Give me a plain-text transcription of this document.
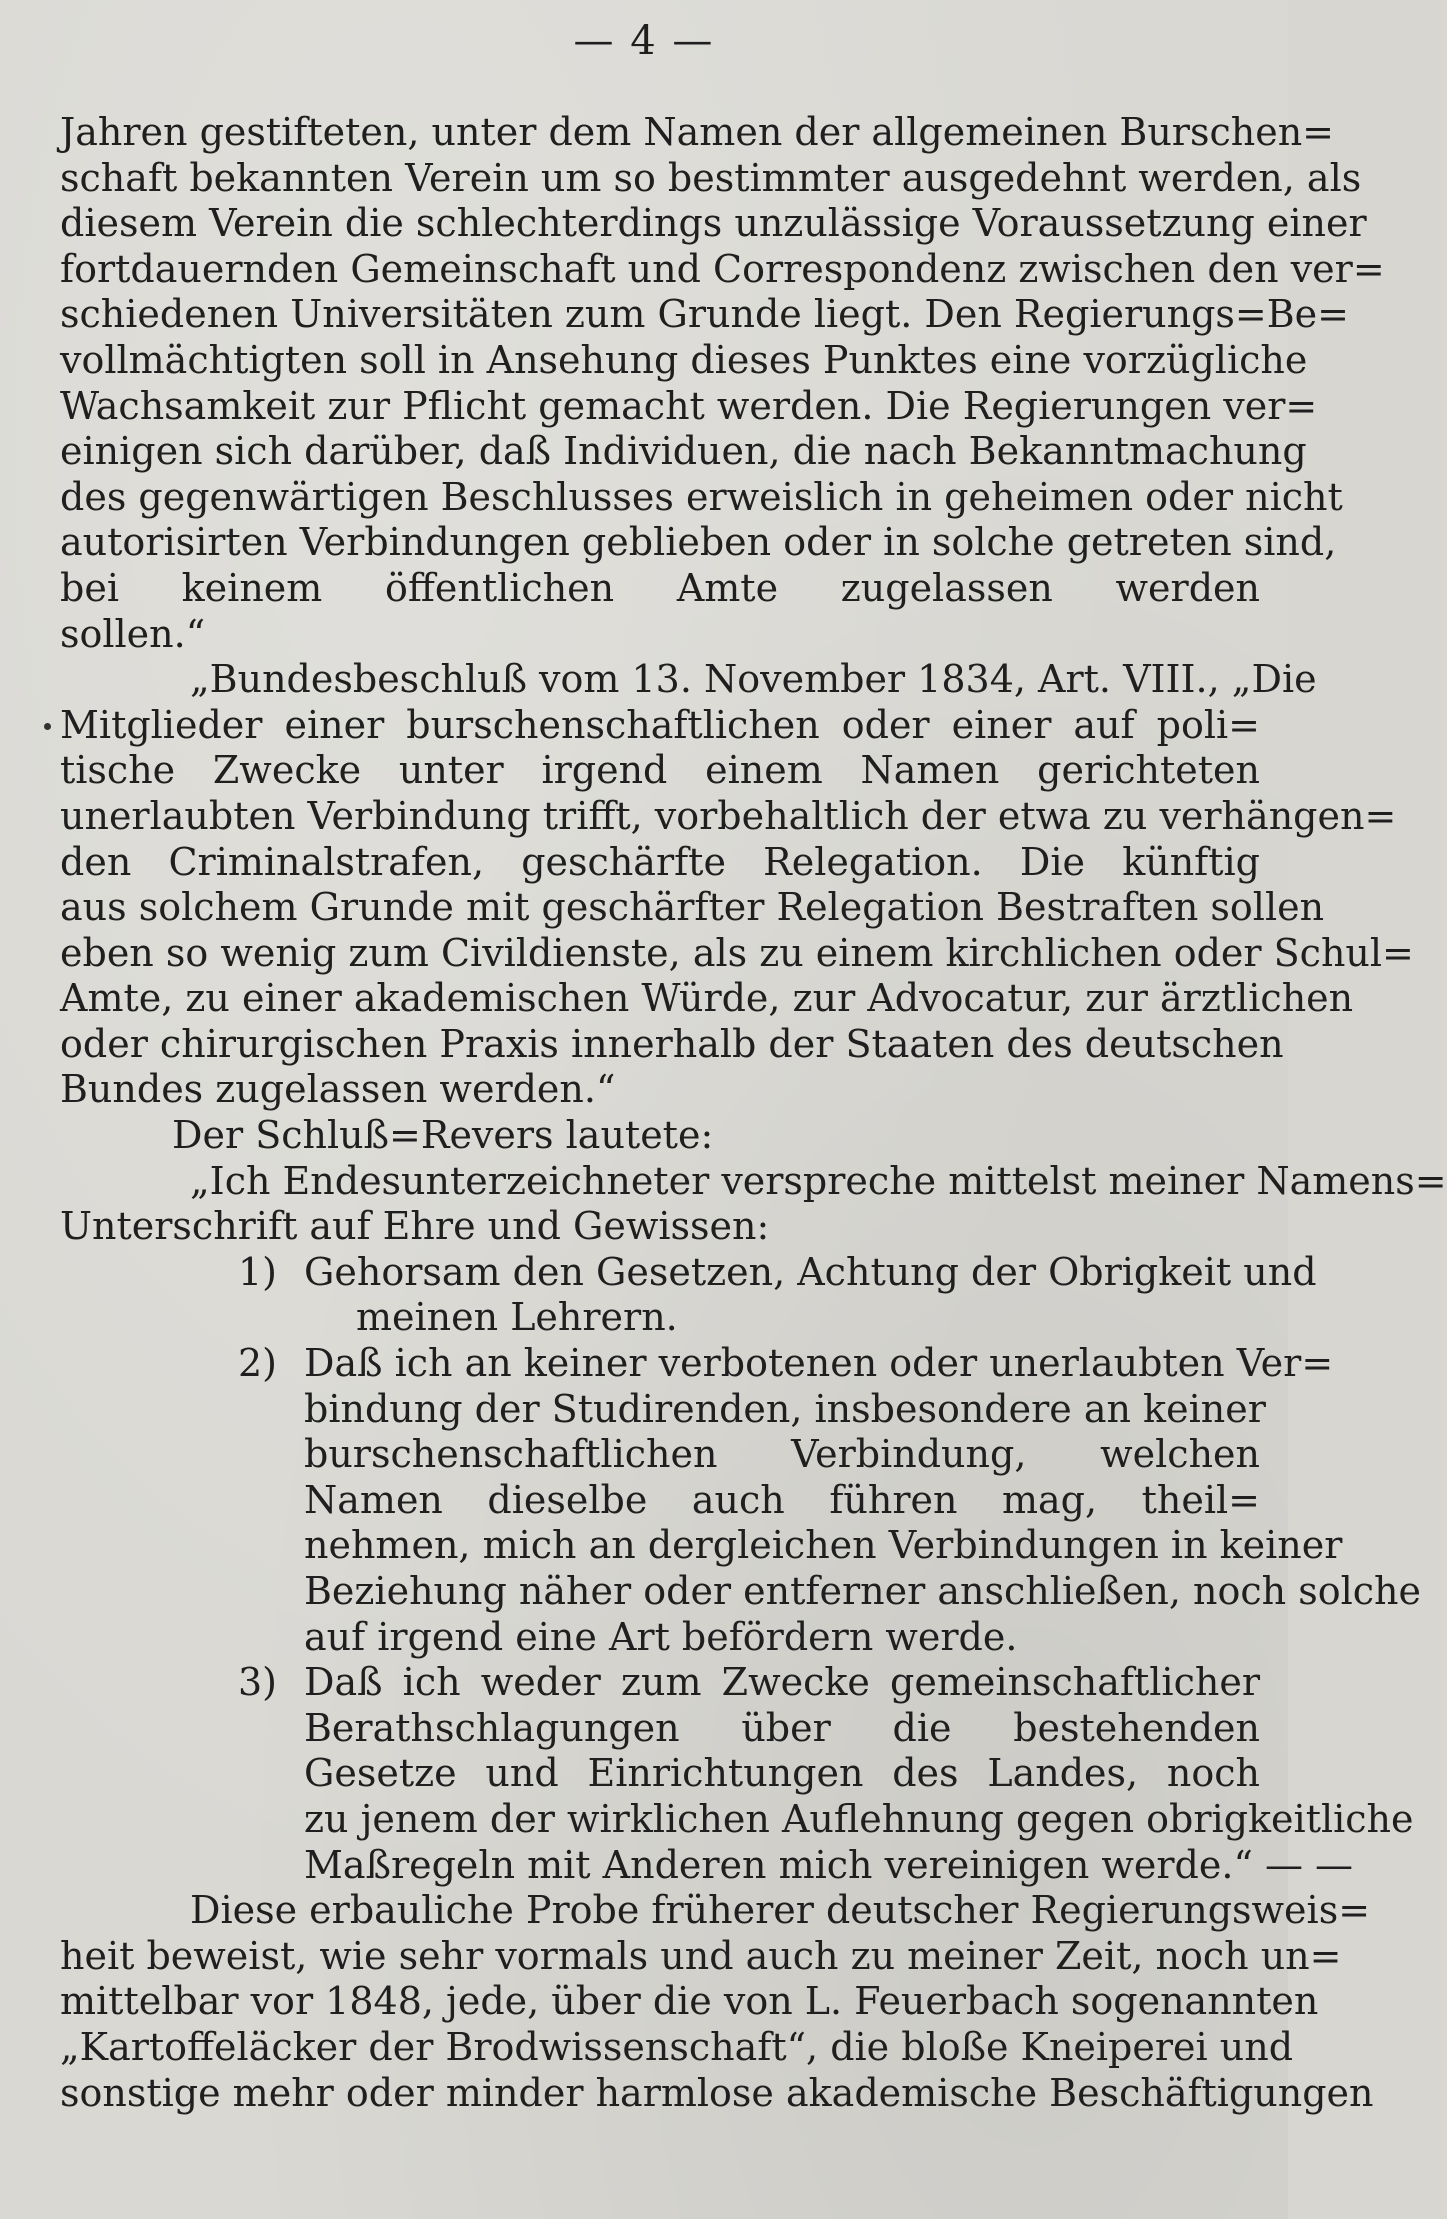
— 4 —
Jahren gestifteten, unter dem Namen der allgemeinen Burschen=
schaft bekannten Verein um so bestimmter ausgedehnt werden, als
diesem Verein die schlechterdings unzulässige Voraussetzung einer
fortdauernden Gemeinschaft und Correspondenz zwischen den ver=
schiedenen Universitäten zum Grunde liegt. Den Regierungs=Be=
vollmächtigten soll in Ansehung dieses Punktes eine vorzügliche
Wachsamkeit zur Pflicht gemacht werden. Die Regierungen ver=
einigen sich darüber, daß Individuen, die nach Bekanntmachung
des gegenwärtigen Beschlusses erweislich in geheimen oder nicht
autorisirten Verbindungen geblieben oder in solche getreten sind,
bei keinem öffentlichen Amte zugelassen werden
sollen.“
„Bundesbeschluß vom 13. November 1834, Art. VIII., „Die
Mitglieder einer burschenschaftlichen oder einer auf poli=
tische Zwecke unter irgend einem Namen gerichteten
unerlaubten Verbindung trifft, vorbehaltlich der etwa zu verhängen=
den Criminalstrafen, geschärfte Relegation. Die künftig
aus solchem Grunde mit geschärfter Relegation Bestraften sollen
eben so wenig zum Civildienste, als zu einem kirchlichen oder Schul=
Amte, zu einer akademischen Würde, zur Advocatur, zur ärztlichen
oder chirurgischen Praxis innerhalb der Staaten des deutschen
Bundes zugelassen werden.“
Der Schluß=Revers lautete:
„Ich Endesunterzeichneter verspreche mittelst meiner Namens=
Unterschrift auf Ehre und Gewissen:
1) Gehorsam den Gesetzen, Achtung der Obrigkeit und
meinen Lehrern.
2) Daß ich an keiner verbotenen oder unerlaubten Ver=
bindung der Studirenden, insbesondere an keiner
burschenschaftlichen Verbindung, welchen
Namen dieselbe auch führen mag, theil=
nehmen, mich an dergleichen Verbindungen in keiner
Beziehung näher oder entferner anschließen, noch solche
auf irgend eine Art befördern werde.
3) Daß ich weder zum Zwecke gemeinschaftlicher
Berathschlagungen über die bestehenden
Gesetze und Einrichtungen des Landes, noch
zu jenem der wirklichen Auflehnung gegen obrigkeitliche
Maßregeln mit Anderen mich vereinigen werde.“ — —
Diese erbauliche Probe früherer deutscher Regierungsweis=
heit beweist, wie sehr vormals und auch zu meiner Zeit, noch un=
mittelbar vor 1848, jede, über die von L. Feuerbach sogenannten
„Kartoffeläcker der Brodwissenschaft“, die bloße Kneiperei und
sonstige mehr oder minder harmlose akademische Beschäftigungen
